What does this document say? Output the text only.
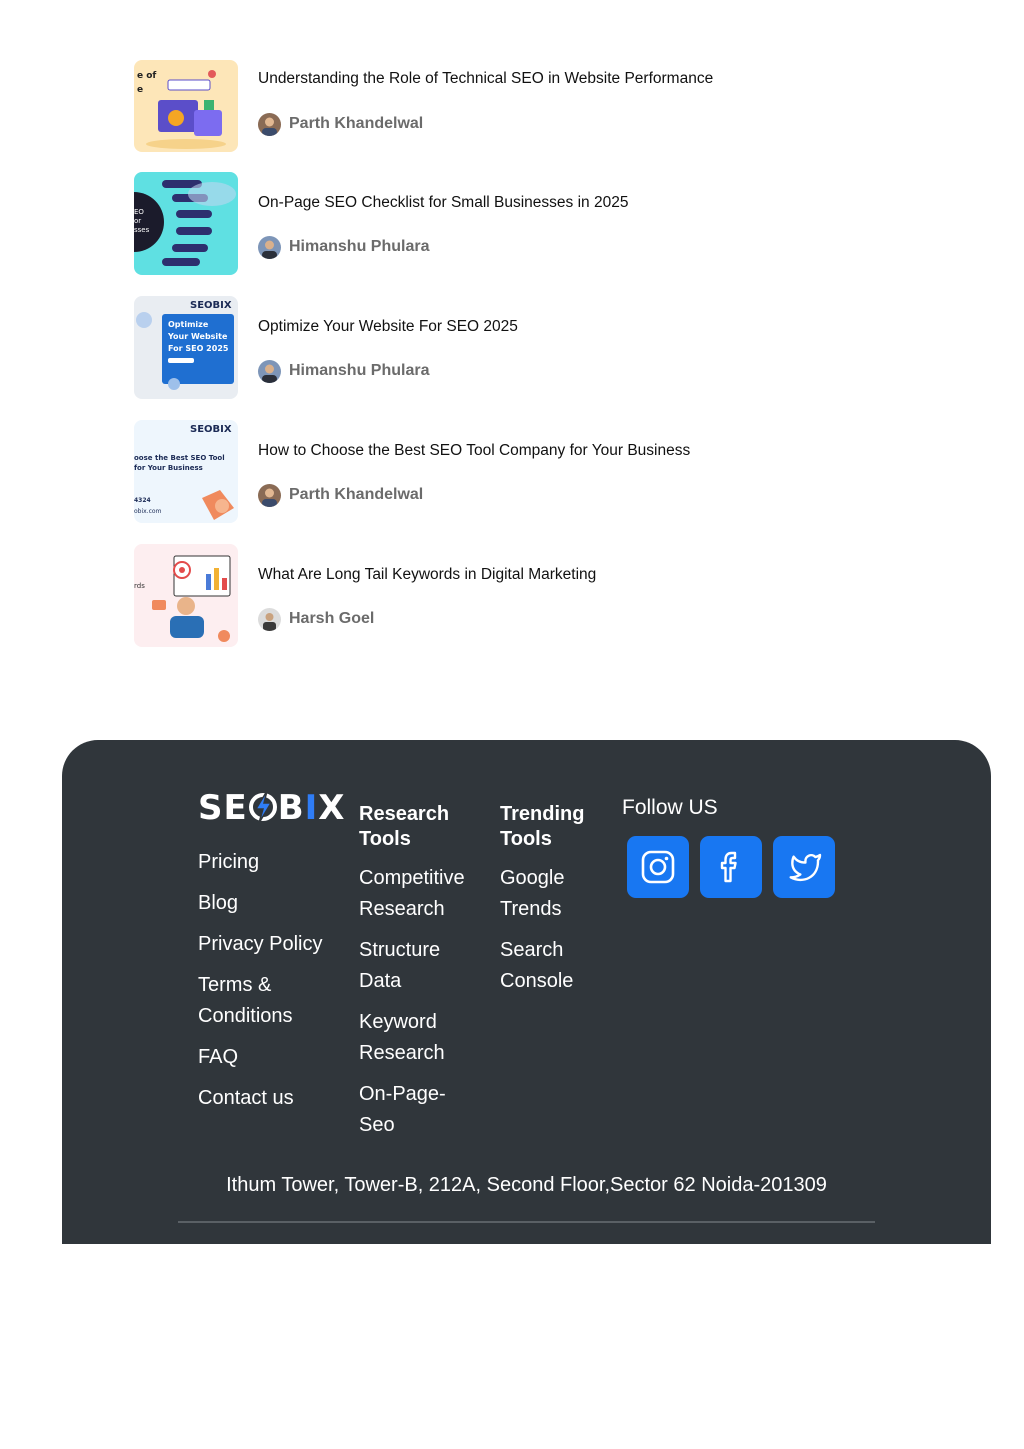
e of
e
Understanding the Role of Technical SEO in Website Performance
Parth Khandelwal
EO
or
sses
On-Page SEO Checklist for Small Businesses in 2025
Himanshu Phulara
SEOBIX
Optimize
Your Website
For SEO 2025
Optimize Your Website For SEO 2025
Himanshu Phulara
SEOBIX
oose the Best SEO Tool
for Your Business
4324
obix.com
How to Choose the Best SEO Tool Company for Your Business
Parth Khandelwal
rds
What Are Long Tail Keywords in Digital Marketing
Harsh Goel
SE BIX
Pricing
Blog
Privacy Policy
Terms & Conditions
FAQ
Contact us
Research Tools
Competitive Research
Structure Data
Keyword Research
On-Page-Seo
Trending Tools
Google Trends
Search Console
Follow US
Ithum Tower, Tower-B, 212A, Second Floor,Sector 62 Noida-201309
